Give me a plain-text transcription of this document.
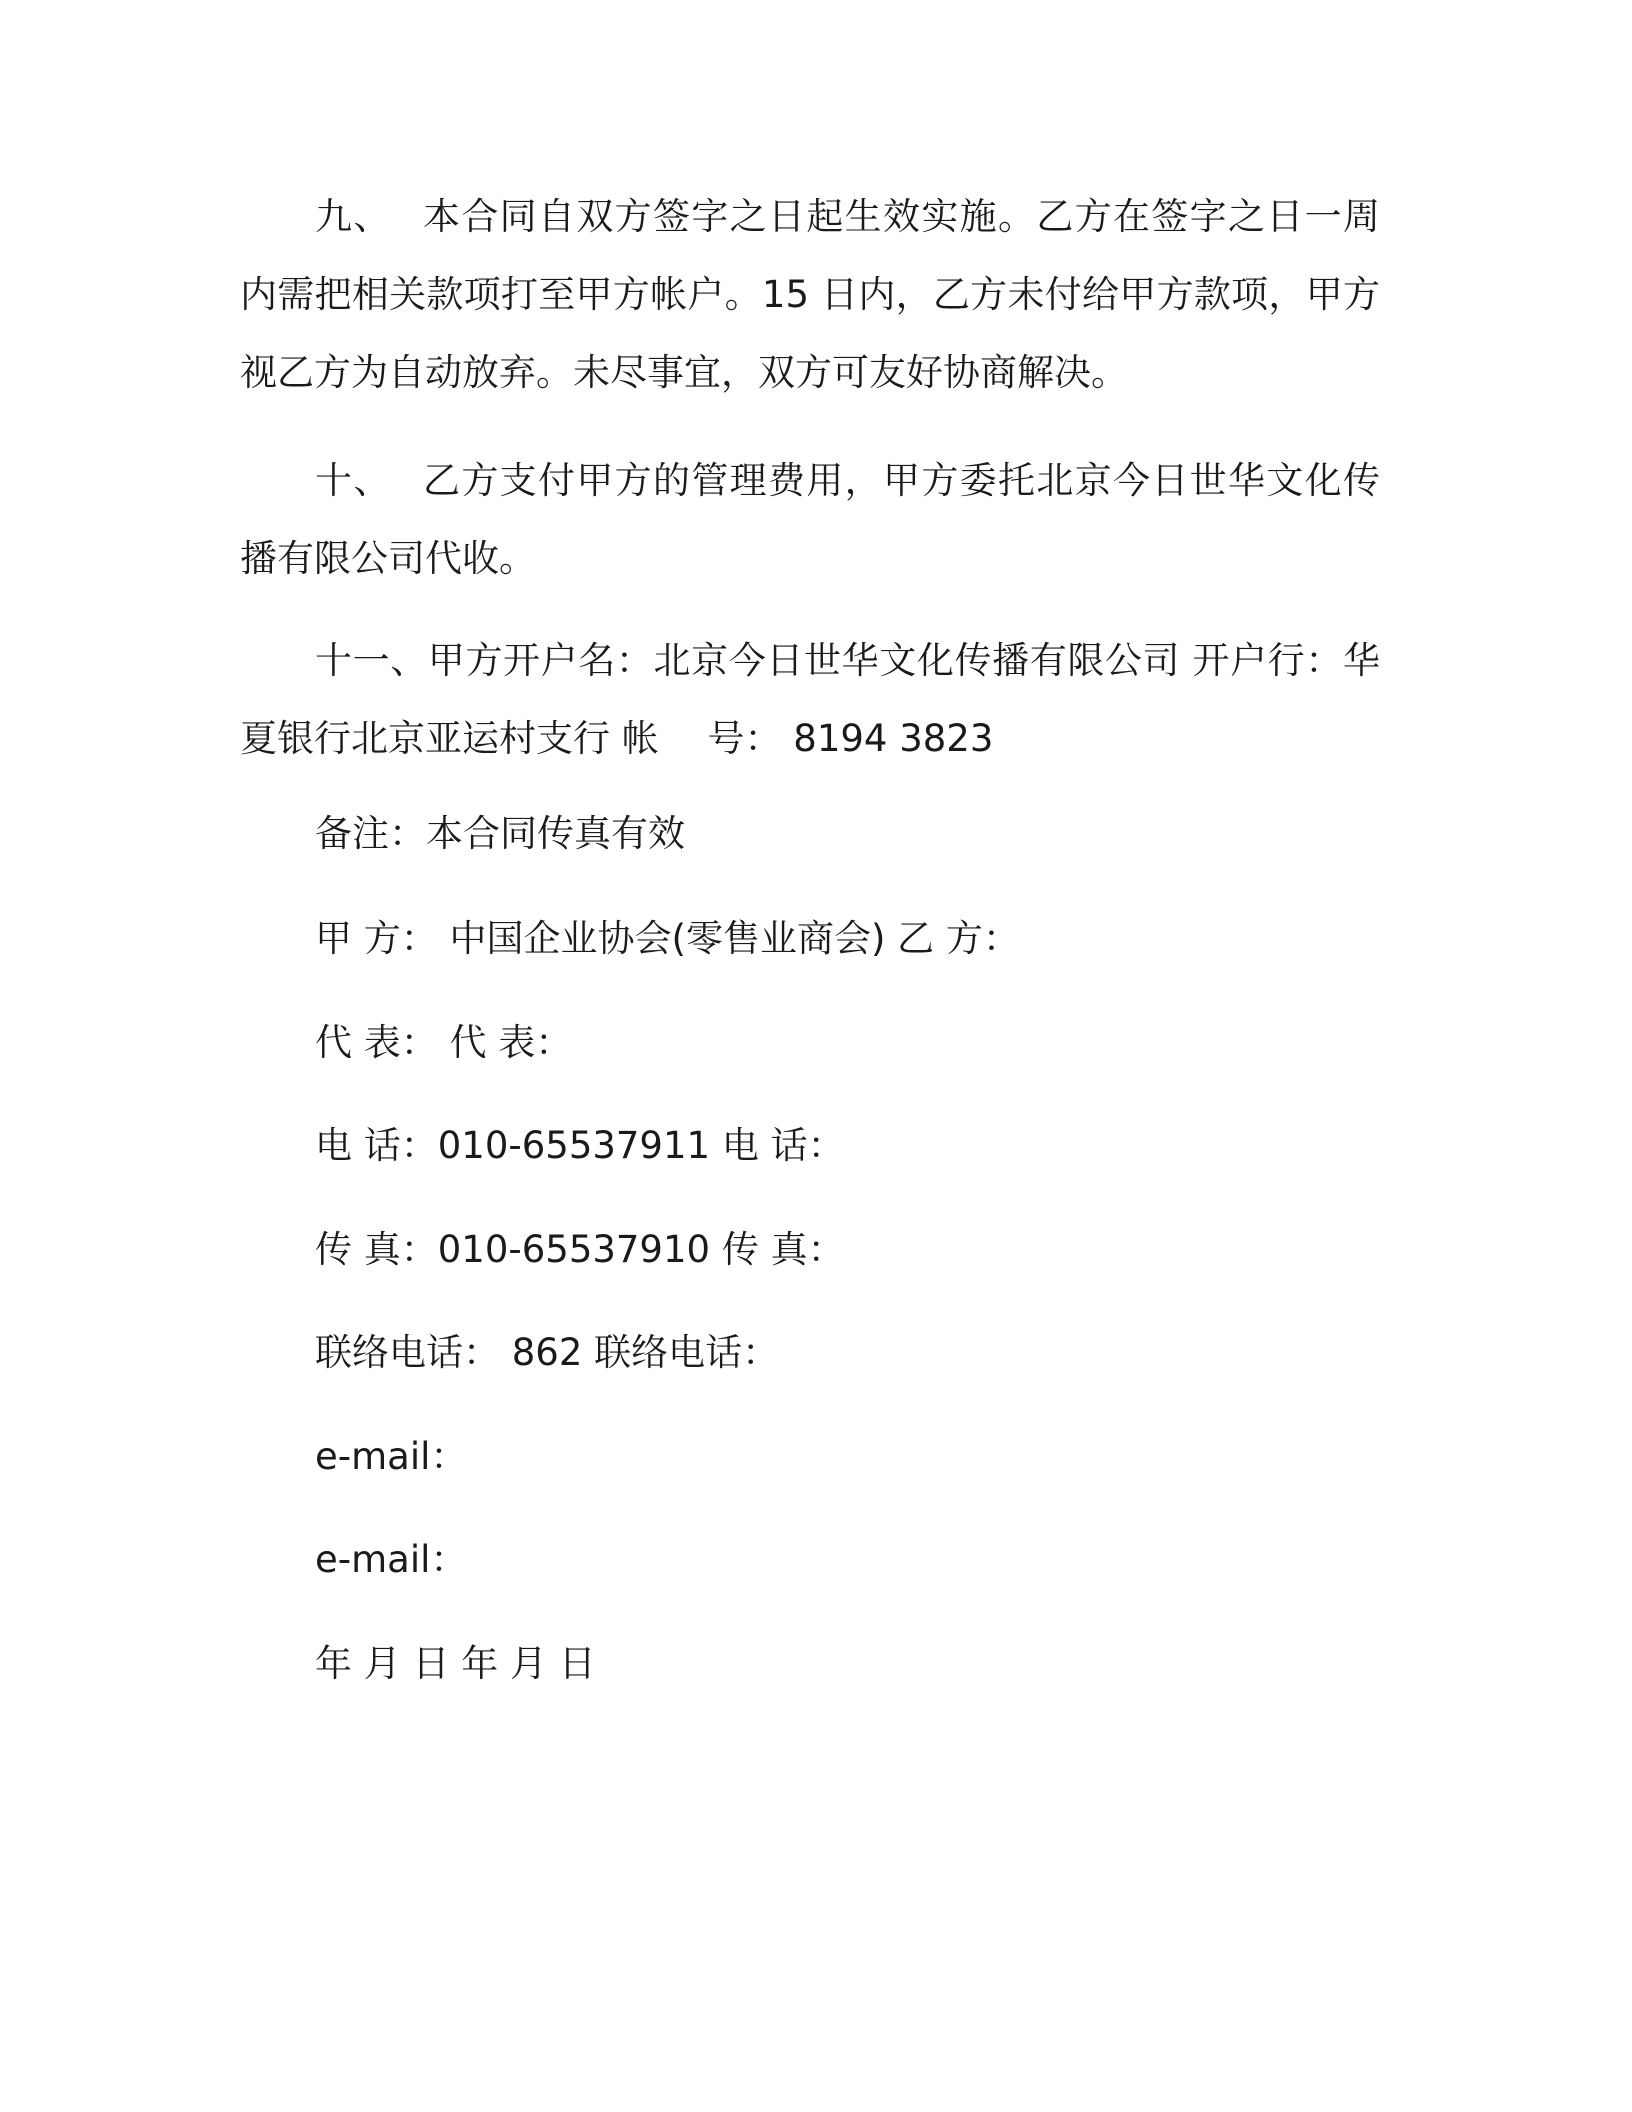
九、 本合同自双方签字之日起生效实施。乙方在签字之日一周内需把相关款项打至甲方帐户。15 日内，乙方未付给甲方款项，甲方视乙方为自动放弃。未尽事宜，双方可友好协商解决。

十、 乙方支付甲方的管理费用，甲方委托北京今日世华文化传播有限公司代收。

十一、甲方开户名：北京今日世华文化传播有限公司 开户行：华夏银行北京亚运村支行 帐　 号： 8194 3823

备注：本合同传真有效

甲 方： 中国企业协会(零售业商会) 乙 方：

代 表： 代 表：

电 话：010-65537911 电 话：

传 真：010-65537910 传 真：

联络电话： 862 联络电话：

e-mail：

e-mail：

年 月 日 年 月 日
